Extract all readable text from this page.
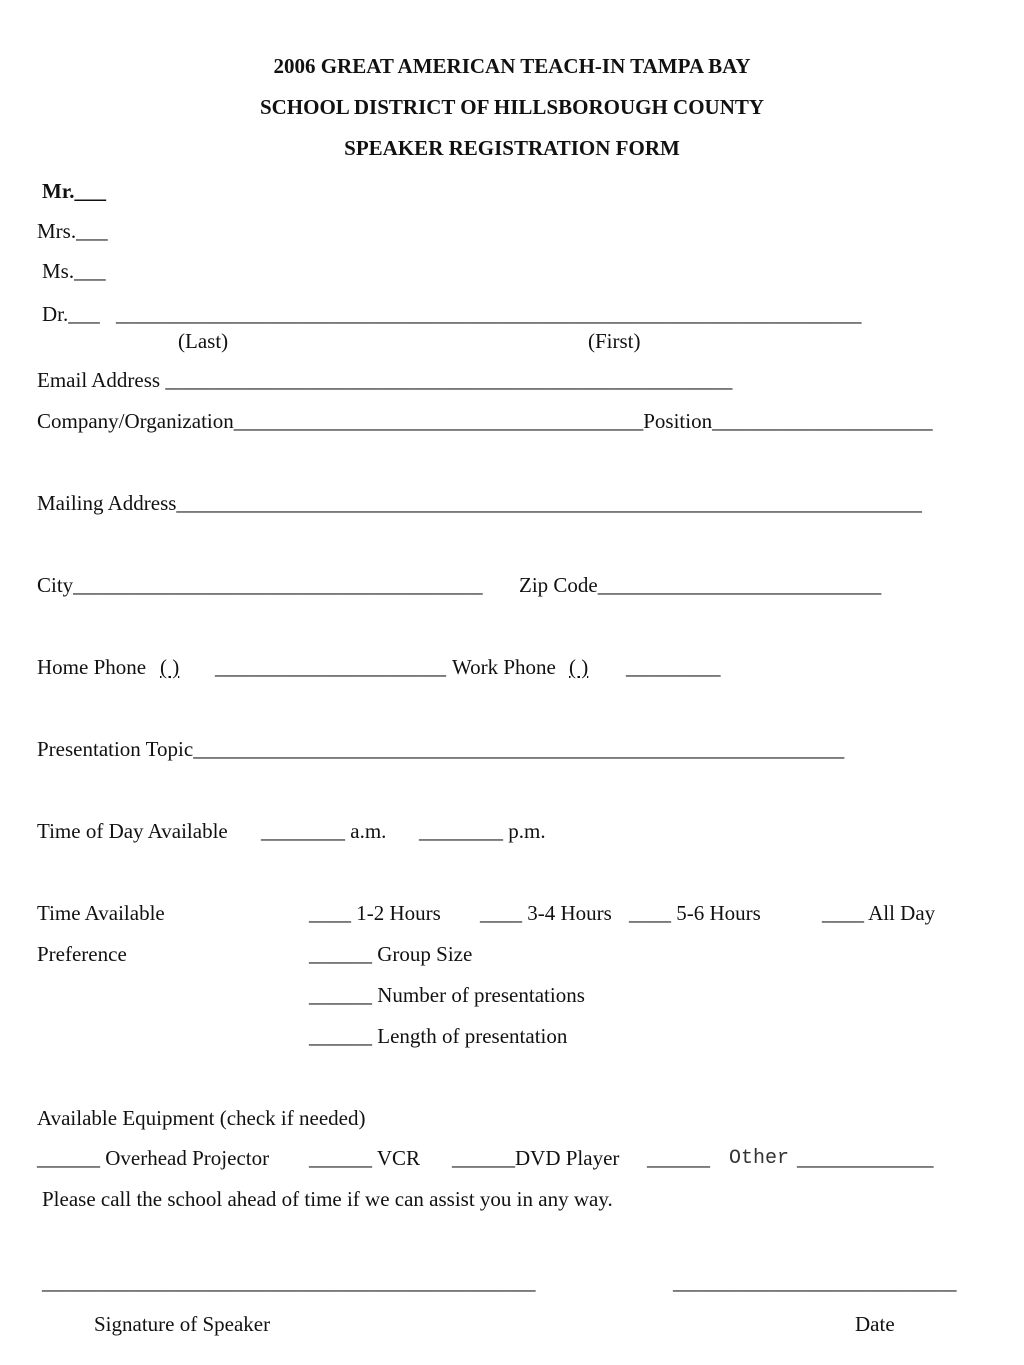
2006 GREAT AMERICAN TEACH-IN TAMPA BAY
SCHOOL DISTRICT OF HILLSBOROUGH COUNTY
SPEAKER REGISTRATION FORM
Mr.___
Mrs.___
Ms.___
Dr.___ _______________________________________________________________________
(Last)	(First)
Email Address ______________________________________________________
Company/Organization_______________________________________Position_____________________
Mailing Address_______________________________________________________________________
City_______________________________________ Zip Code___________________________
Home Phone ( ) ______________________ Work Phone ( ) _________
Presentation Topic______________________________________________________________
Time of Day Available ________ a.m. ________ p.m.
Time Available	____ 1-2 Hours ____ 3-4 Hours ____ 5-6 Hours	____ All Day
Preference	______ Group Size
______ Number of presentations
______ Length of presentation
Available Equipment (check if needed)
______ Overhead Projector ______ VCR ______DVD Player ______ Other _____________
Please call the school ahead of time if we can assist you in any way.
_______________________________________________	___________________________
Signature of Speaker	Date
